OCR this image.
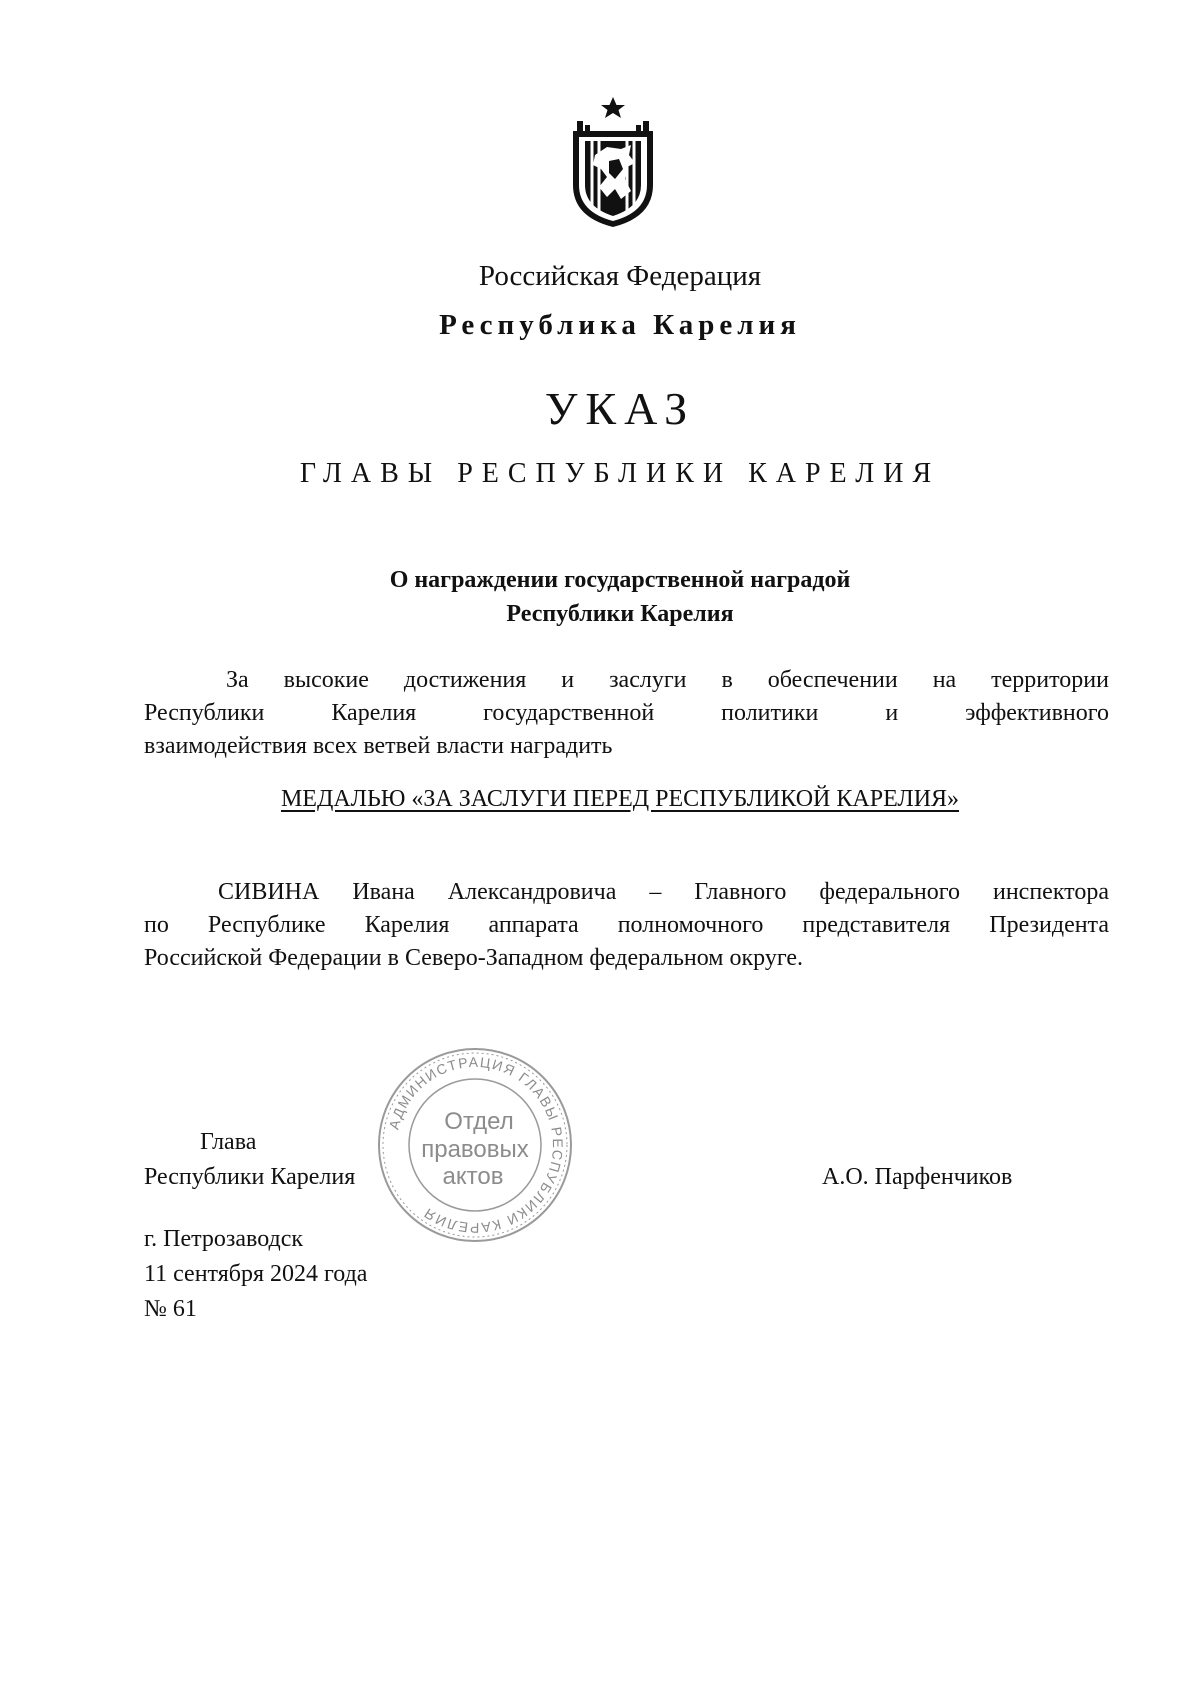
Российская Федерация
Республика Карелия
УКАЗ
ГЛАВЫ РЕСПУБЛИКИ КАРЕЛИЯ
О награждении государственной наградой
Республики Карелия
За высокие достижения и заслуги в обеспечении на территории
Республики Карелия государственной политики и эффективного
взаимодействия всех ветвей власти наградить
МЕДАЛЬЮ «ЗА ЗАСЛУГИ ПЕРЕД РЕСПУБЛИКОЙ КАРЕЛИЯ»
СИВИНА Ивана Александровича – Главного федерального инспектора
по Республике Карелия аппарата полномочного представителя Президента
Российской Федерации в Северо-Западном федеральном округе.
АДМИНИСТРАЦИЯ ГЛАВЫ РЕСПУБЛИКИ КАРЕЛИЯ
Отдел
правовых
актов
Глава
Республики Карелия	А.О. Парфенчиков
г. Петрозаводск
11 сентября 2024 года
№ 61
